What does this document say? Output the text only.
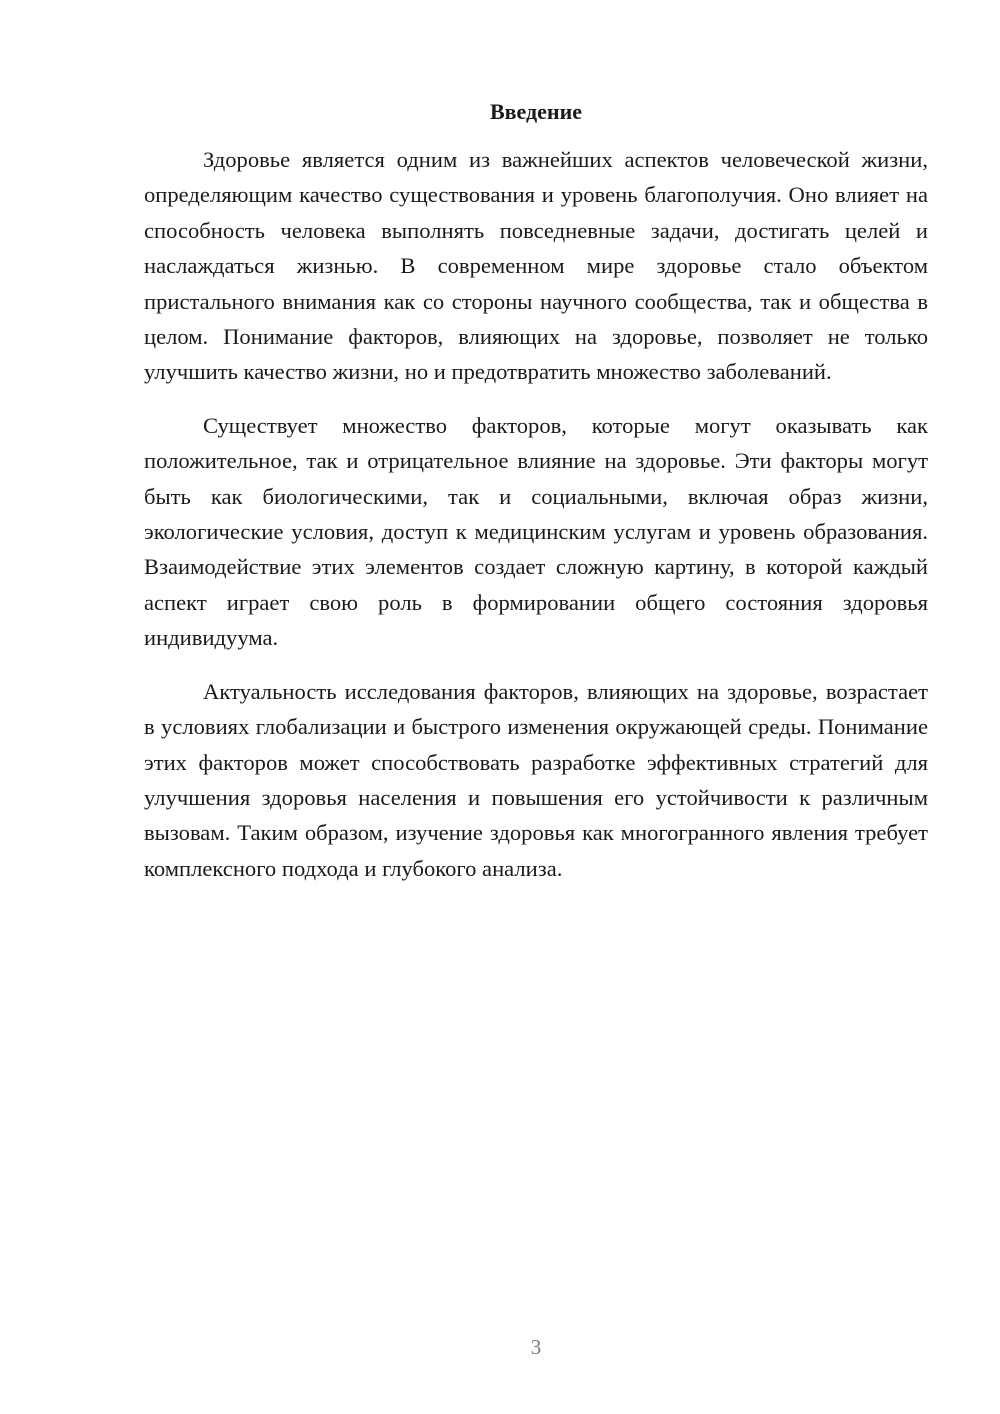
Введение

Здоровье является одним из важнейших аспектов человеческой жизни, определяющим качество существования и уровень благополучия. Оно влияет на способность человека выполнять повседневные задачи, достигать целей и наслаждаться жизнью. В современном мире здоровье стало объектом пристального внимания как со стороны научного сообщества, так и общества в целом. Понимание факторов, влияющих на здоровье, позволяет не только улучшить качество жизни, но и предотвратить множество заболеваний.

Существует множество факторов, которые могут оказывать как положительное, так и отрицательное влияние на здоровье. Эти факторы могут быть как биологическими, так и социальными, включая образ жизни, экологические условия, доступ к медицинским услугам и уровень образования. Взаимодействие этих элементов создает сложную картину, в которой каждый аспект играет свою роль в формировании общего состояния здоровья индивидуума.

Актуальность исследования факторов, влияющих на здоровье, возрастает в условиях глобализации и быстрого изменения окружающей среды. Понимание этих факторов может способствовать разработке эффективных стратегий для улучшения здоровья населения и повышения его устойчивости к различным вызовам. Таким образом, изучение здоровья как многогранного явления требует комплексного подхода и глубокого анализа.

3
